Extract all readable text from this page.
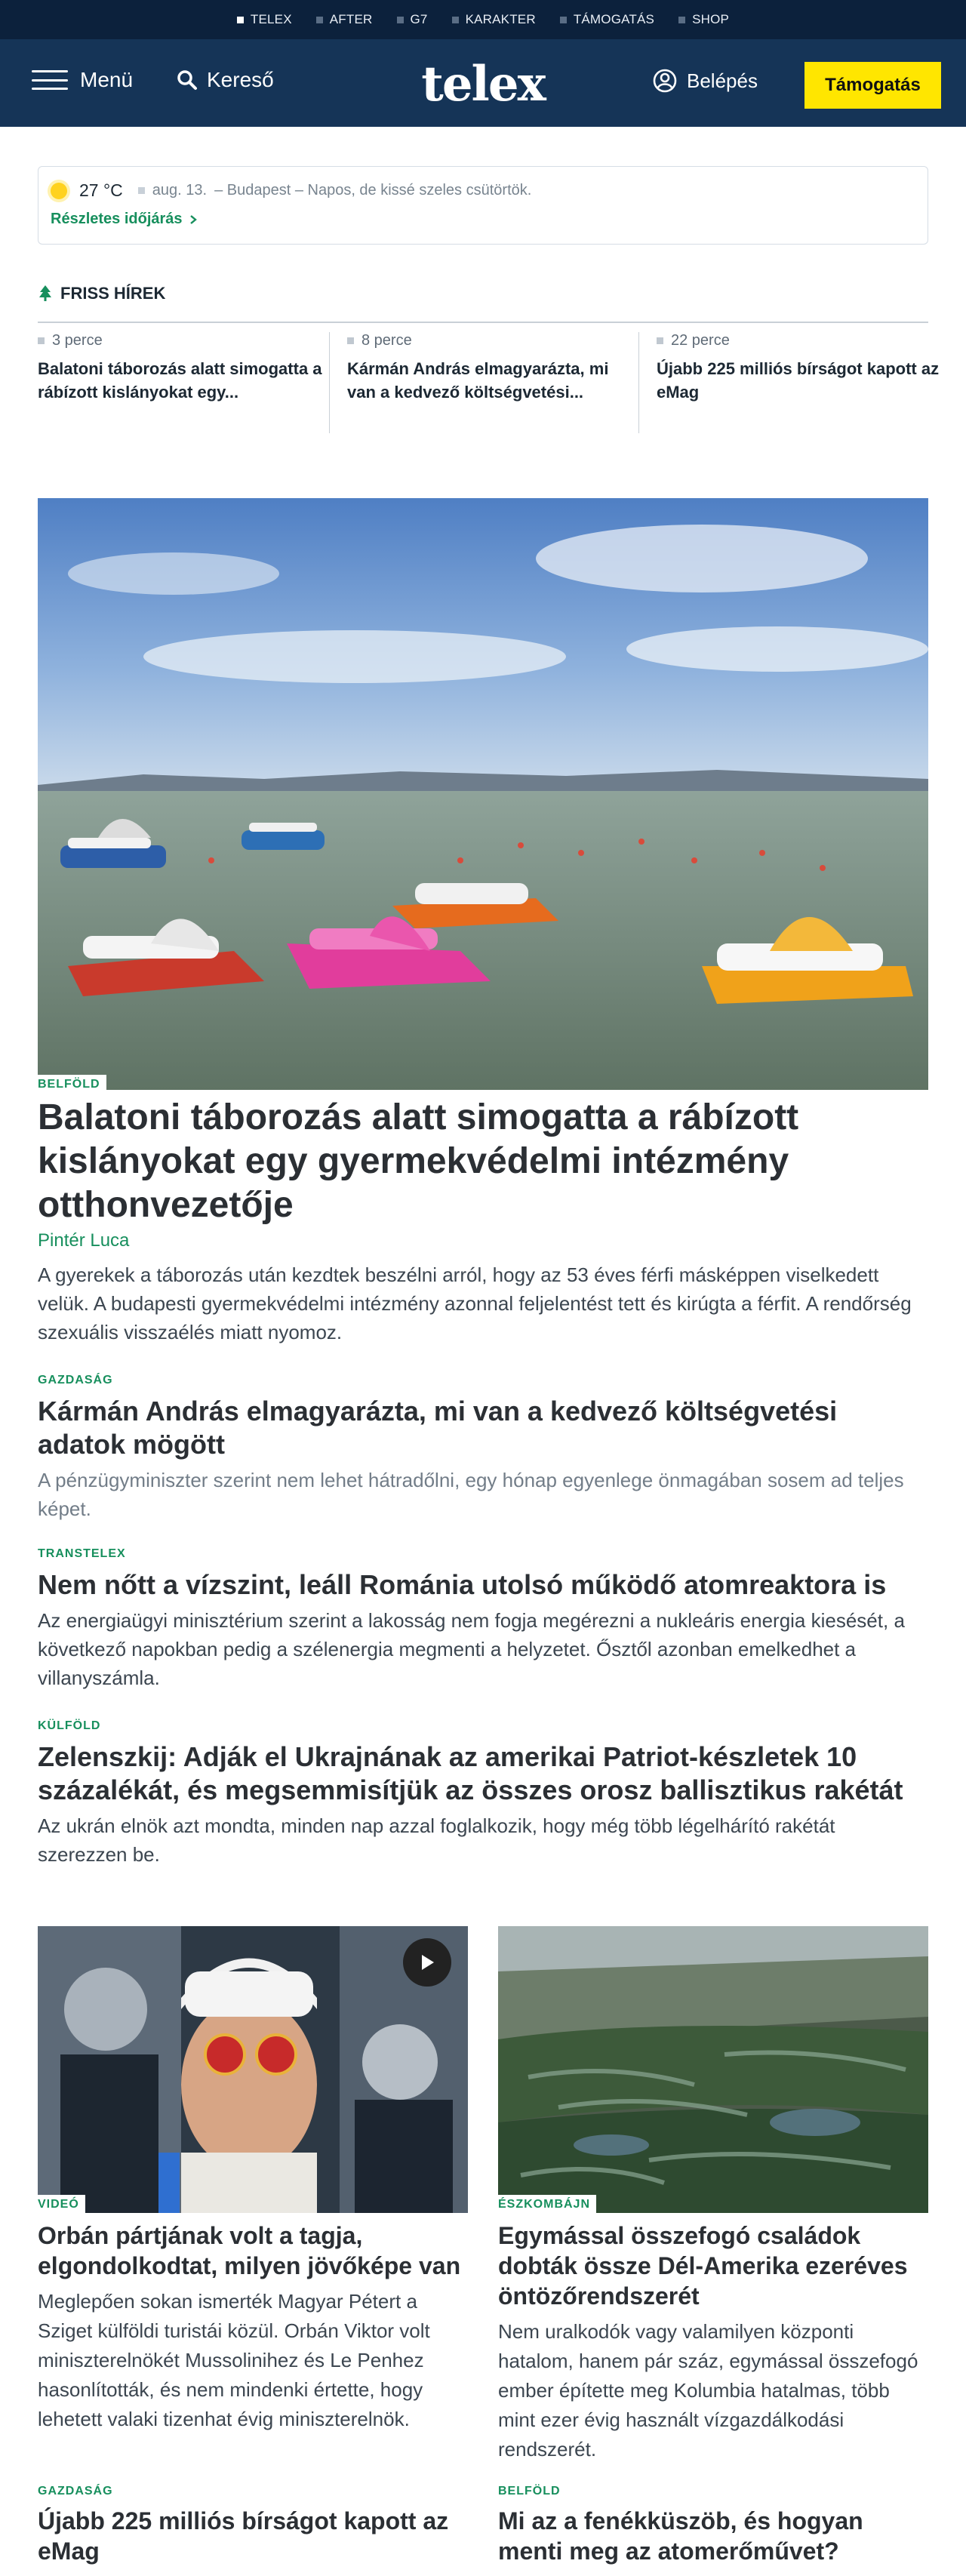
TELEX	AFTER	G7	KARAKTER	TÁMOGATÁS	SHOP
Menü	Kereső	telex	Belépés	Támogatás
27 °C aug. 13. – Budapest – Napos, de kissé szeles csütörtök.
Részletes időjárás
FRISS HÍREK
3 perce
Balatoni táborozás alatt simogatta a rábízott kislányokat egy...
8 perce
Kármán András elmagyarázta, mi van a kedvező költségvetési...
22 perce
Újabb 225 milliós bírságot kapott az eMag
BELFÖLD
Balatoni táborozás alatt simogatta a rábízott kislányokat egy gyermekvédelmi intézmény otthonvezetője
Pintér Luca
A gyerekek a táborozás után kezdtek beszélni arról, hogy az 53 éves férfi másképpen viselkedett velük. A budapesti gyermekvédelmi intézmény azonnal feljelentést tett és kirúgta a férfit. A rendőrség szexuális visszaélés miatt nyomoz.
GAZDASÁG
Kármán András elmagyarázta, mi van a kedvező költségvetési adatok mögött

A pénzügyminiszter szerint nem lehet hátradőlni, egy hónap egyenlege önmagában sosem ad teljes képet.

TRANSTELEX
Nem nőtt a vízszint, leáll Románia utolsó működő atomreaktora is

Az energiaügyi minisztérium szerint a lakosság nem fogja megérezni a nukleáris energia kiesését, a következő napokban pedig a szélenergia megmenti a helyzetet. Ősztől azonban emelkedhet a villanyszámla.

KÜLFÖLD
Zelenszkij: Adják el Ukrajnának az amerikai Patriot-készletek 10 százalékát, és megsemmisítjük az összes orosz ballisztikus rakétát

Az ukrán elnök azt mondta, minden nap azzal foglalkozik, hogy még több légelhárító rakétát szerezzen be.

VIDEÓ
Orbán pártjának volt a tagja, elgondolkodtat, milyen jövőképe van

Meglepően sokan ismerték Magyar Pétert a Sziget külföldi turistái közül. Orbán Viktor volt miniszterelnökét Mussolinihez és Le Penhez hasonlították, és nem mindenki értette, hogy lehetett valaki tizenhat évig miniszterelnök.

ÉSZKOMBÁJN
Egymással összefogó családok dobták össze Dél-Amerika ezeréves öntözőrendszerét

Nem uralkodók vagy valamilyen központi hatalom, hanem pár száz, egymással összefogó ember építette meg Kolumbia hatalmas, több mint ezer évig használt vízgazdálkodási rendszerét.

GAZDASÁG
Újabb 225 milliós bírságot kapott az eMag
BELFÖLD
Mi az a fenékküszöb, és hogyan menti meg az atomerőművet?
